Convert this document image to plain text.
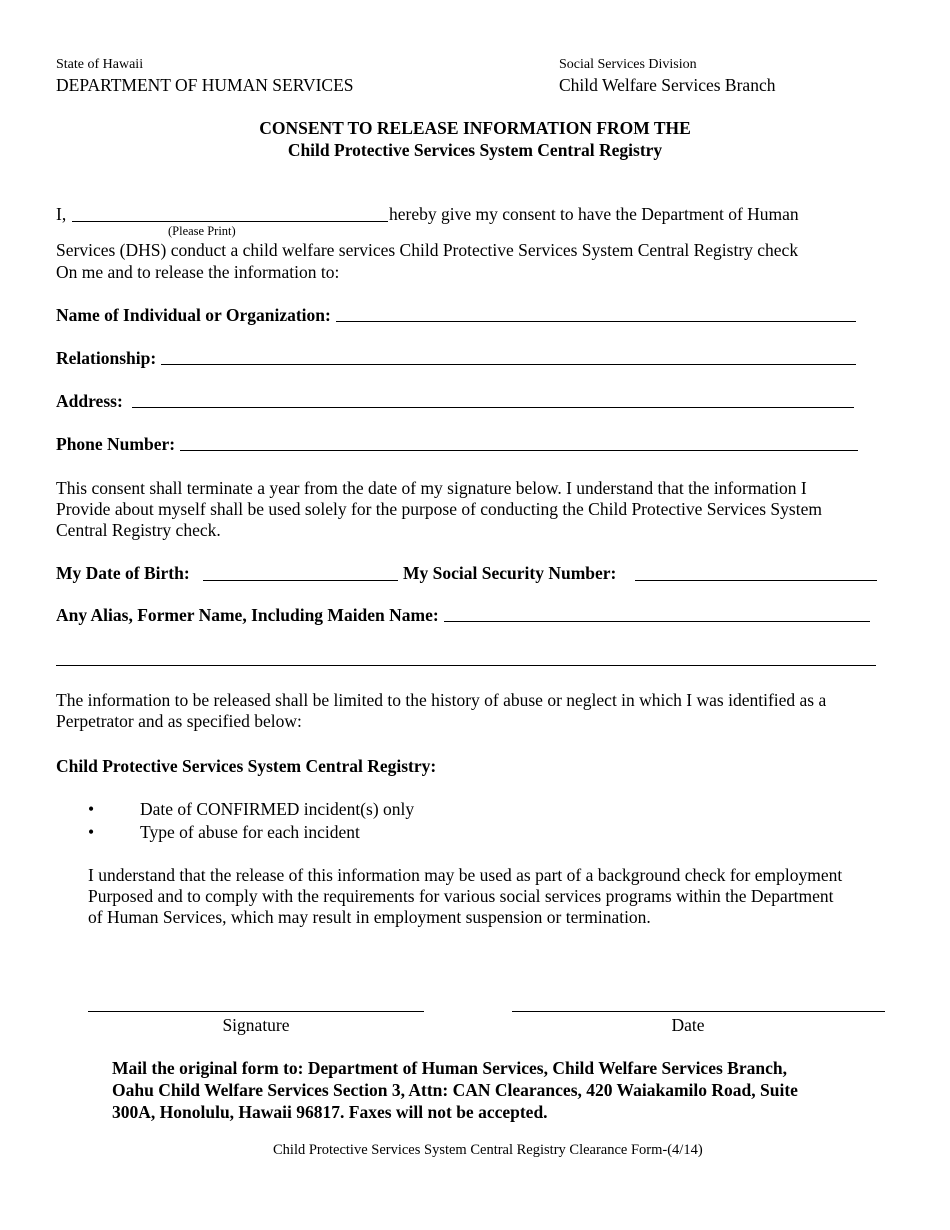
State of Hawaii
DEPARTMENT OF HUMAN SERVICES
Social Services Division
Child Welfare Services Branch
CONSENT TO RELEASE INFORMATION FROM THE
Child Protective Services System Central Registry
I,	hereby give my consent to have the Department of Human
(Please Print)
Services (DHS) conduct a child welfare services Child Protective Services System Central Registry check
On me and to release the information to:
Name of Individual or Organization:
Relationship:
Address:
Phone Number:
This consent shall terminate a year from the date of my signature below. I understand that the information I
Provide about myself shall be used solely for the purpose of conducting the Child Protective Services System
Central Registry check.
My Date of Birth:	My Social Security Number:
Any Alias, Former Name, Including Maiden Name:
The information to be released shall be limited to the history of abuse or neglect in which I was identified as a
Perpetrator and as specified below:
Child Protective Services System Central Registry:
•	Date of CONFIRMED incident(s) only
•	Type of abuse for each incident
I understand that the release of this information may be used as part of a background check for employment
Purposed and to comply with the requirements for various social services programs within the Department
of Human Services, which may result in employment suspension or termination.
Signature	Date
Mail the original form to: Department of Human Services, Child Welfare Services Branch,
Oahu Child Welfare Services Section 3, Attn: CAN Clearances, 420 Waiakamilo Road, Suite
300A, Honolulu, Hawaii 96817. Faxes will not be accepted.
Child Protective Services System Central Registry Clearance Form-(4/14)
